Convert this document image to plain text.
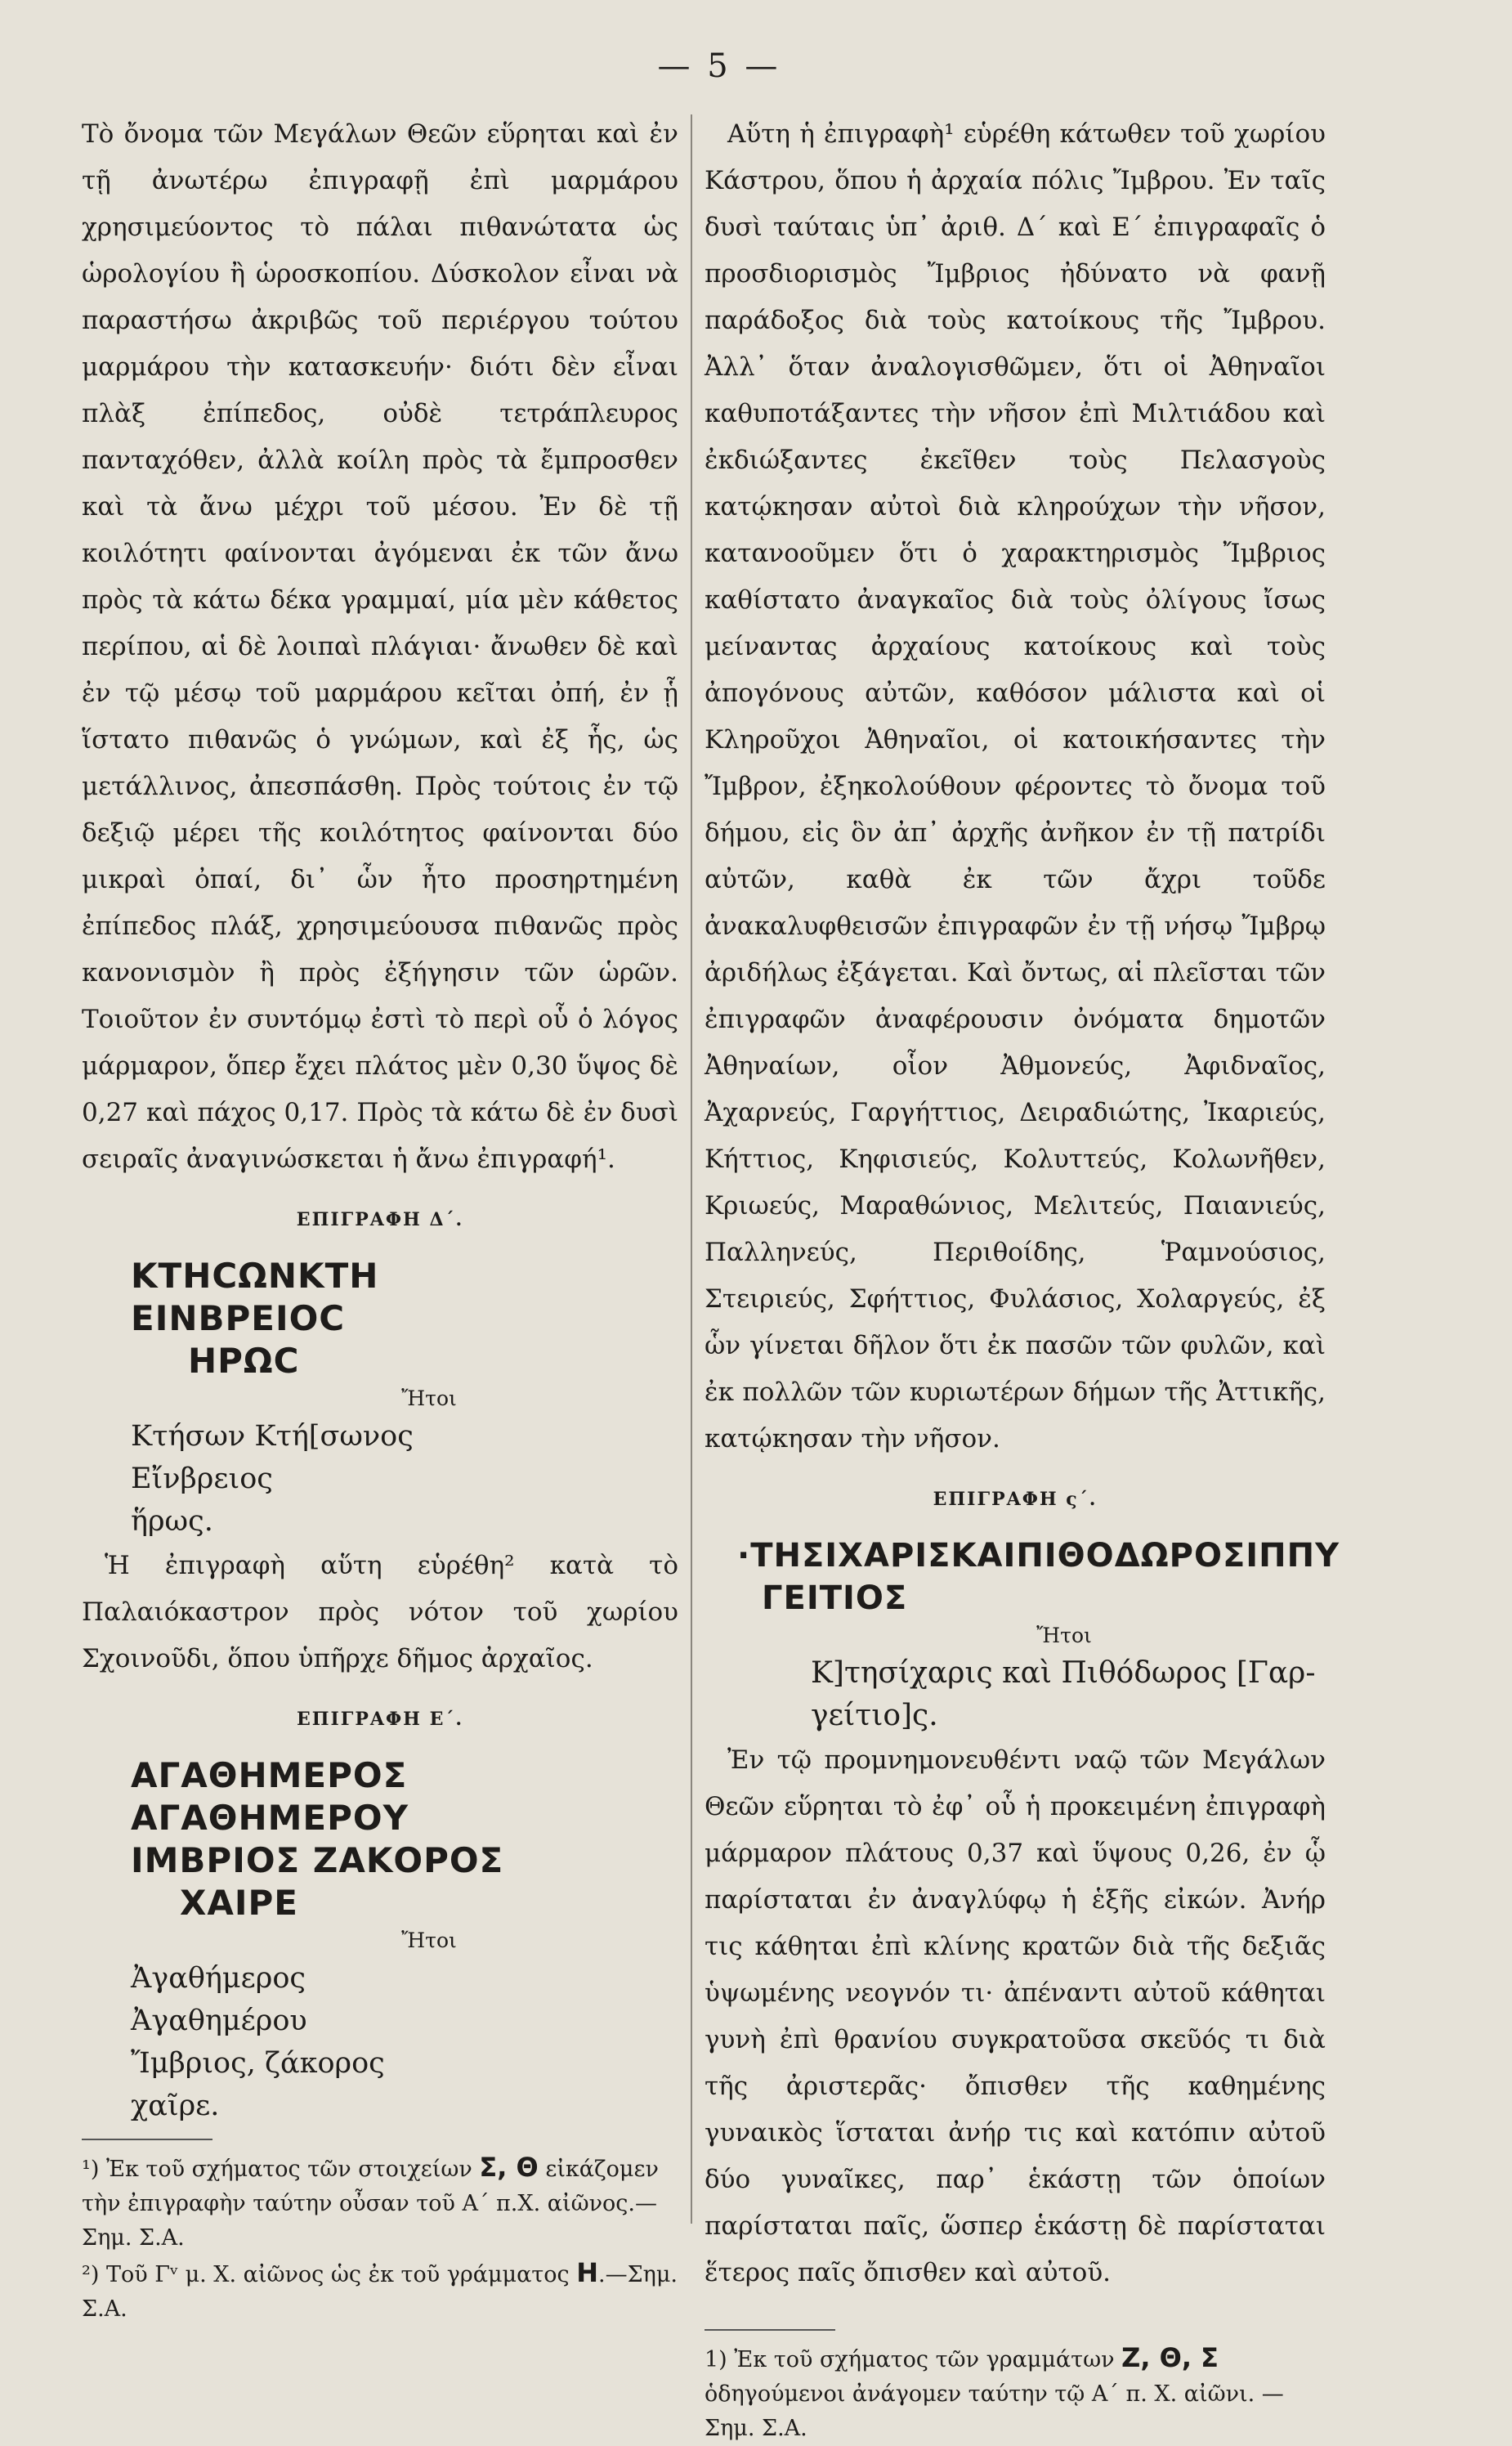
— 5 —

Τὸ ὄνομα τῶν Μεγάλων Θεῶν εὕρηται καὶ ἐν τῇ ἀνωτέρω ἐπιγραφῇ ἐπὶ μαρμάρου χρησιμεύοντος τὸ πάλαι πιθανώτατα ὡς ὡρολογίου ἢ ὡροσκοπίου. Δύσκολον εἶναι νὰ παραστήσω ἀκριβῶς τοῦ περιέργου τούτου μαρμάρου τὴν κατασκευήν· διότι δὲν εἶναι πλὰξ ἐπίπεδος, οὐδὲ τετράπλευρος πανταχόθεν, ἀλλὰ κοίλη πρὸς τὰ ἔμπροσθεν καὶ τὰ ἄνω μέχρι τοῦ μέσου. Ἐν δὲ τῇ κοιλότητι φαίνονται ἀγόμεναι ἐκ τῶν ἄνω πρὸς τὰ κάτω δέκα γραμμαί, μία μὲν κάθετος περίπου, αἱ δὲ λοιπαὶ πλάγιαι· ἄνωθεν δὲ καὶ ἐν τῷ μέσῳ τοῦ μαρμάρου κεῖται ὀπή, ἐν ᾗ ἵστατο πιθανῶς ὁ γνώμων, καὶ ἐξ ἧς, ὡς μετάλλινος, ἀπεσπάσθη. Πρὸς τούτοις ἐν τῷ δεξιῷ μέρει τῆς κοιλότητος φαίνονται δύο μικραὶ ὀπαί, δι᾽ ὧν ἦτο προσηρτημένη ἐπίπεδος πλάξ, χρησιμεύουσα πιθανῶς πρὸς κανονισμὸν ἢ πρὸς ἐξήγησιν τῶν ὡρῶν. Τοιοῦτον ἐν συντόμῳ ἐστὶ τὸ περὶ οὗ ὁ λόγος μάρμαρον, ὅπερ ἔχει πλάτος μὲν 0,30 ὕψος δὲ 0,27 καὶ πάχος 0,17. Πρὸς τὰ κάτω δὲ ἐν δυσὶ σειραῖς ἀναγινώσκεται ἡ ἄνω ἐπιγραφή¹.

ΕΠΙΓΡΑΦΗ Δ΄.
ΚΤΗϹΩΝΚΤΗ
ΕΙΝΒΡΕΙΟϹ
ΗΡΩϹ
Ἤτοι
Κτήσων Κτή[σωνος
Εἴνβρειος
ἥρως.

Ἡ ἐπιγραφὴ αὕτη εὑρέθη² κατὰ τὸ Παλαιόκαστρον πρὸς νότον τοῦ χωρίου Σχοινοῦδι, ὅπου ὑπῆρχε δῆμος ἀρχαῖος.

ΕΠΙΓΡΑΦΗ Ε΄.
ΑΓΑΘΗΜΕΡΟΣ
ΑΓΑΘΗΜΕΡΟΥ
ΙΜΒΡΙΟΣ ΖΑΚΟΡΟΣ
ΧΑΙΡΕ
Ἤτοι
Ἀγαθήμερος
Ἀγαθημέρου
Ἴμβριος, ζάκορος
χαῖρε.

¹) Ἐκ τοῦ σχήματος τῶν στοιχείων Σ, Θ εἰκάζομεν τὴν ἐπιγραφὴν ταύτην οὖσαν τοῦ Α΄ π.Χ. αἰῶνος.—Σημ. Σ.Α.

²) Τοῦ Γᵛ μ. Χ. αἰῶνος ὡς ἐκ τοῦ γράμματος Η.—Σημ. Σ.Α.

Αὕτη ἡ ἐπιγραφὴ¹ εὑρέθη κάτωθεν τοῦ χωρίου Κάστρου, ὅπου ἡ ἀρχαία πόλις Ἴμβρου. Ἐν ταῖς δυσὶ ταύταις ὑπ᾽ ἀριθ. Δ΄ καὶ Ε΄ ἐπιγραφαῖς ὁ προσδιορισμὸς Ἴμβριος ἠδύνατο νὰ φανῇ παράδοξος διὰ τοὺς κατοίκους τῆς Ἴμβρου. Ἀλλ᾽ ὅταν ἀναλογισθῶμεν, ὅτι οἱ Ἀθηναῖοι καθυποτάξαντες τὴν νῆσον ἐπὶ Μιλτιάδου καὶ ἐκδιώξαντες ἐκεῖθεν τοὺς Πελασγοὺς κατῴκησαν αὐτοὶ διὰ κληρούχων τὴν νῆσον, κατανοοῦμεν ὅτι ὁ χαρακτηρισμὸς Ἴμβριος καθίστατο ἀναγκαῖος διὰ τοὺς ὀλίγους ἴσως μείναντας ἀρχαίους κατοίκους καὶ τοὺς ἀπογόνους αὐτῶν, καθόσον μάλιστα καὶ οἱ Κληροῦχοι Ἀθηναῖοι, οἱ κατοικήσαντες τὴν Ἴμβρον, ἐξηκολούθουν φέροντες τὸ ὄνομα τοῦ δήμου, εἰς ὃν ἀπ᾽ ἀρχῆς ἀνῆκον ἐν τῇ πατρίδι αὐτῶν, καθὰ ἐκ τῶν ἄχρι τοῦδε ἀνακαλυφθεισῶν ἐπιγραφῶν ἐν τῇ νήσῳ Ἴμβρῳ ἀριδήλως ἐξάγεται. Καὶ ὄντως, αἱ πλεῖσται τῶν ἐπιγραφῶν ἀναφέρουσιν ὀνόματα δημοτῶν Ἀθηναίων, οἷον Ἀθμονεύς, Ἀφιδναῖος, Ἀχαρνεύς, Γαργήττιος, Δειραδιώτης, Ἰκαριεύς, Κήττιος, Κηφισιεύς, Κολυττεύς, Κολωνῆθεν, Κριωεύς, Μαραθώνιος, Μελιτεύς, Παιανιεύς, Παλληνεύς, Περιθοίδης, Ῥαμνούσιος, Στειριεύς, Σφήττιος, Φυλάσιος, Χολαργεύς, ἐξ ὧν γίνεται δῆλον ὅτι ἐκ πασῶν τῶν φυλῶν, καὶ ἐκ πολλῶν τῶν κυριωτέρων δήμων τῆς Ἀττικῆς, κατῴκησαν τὴν νῆσον.

ΕΠΙΓΡΑΦΗ ς΄.
·ΤΗΣΙΧΑΡΙΣΚΑΙΠΙΘΟΔΩΡΟΣΙΠΠΥ
ΓΕΙΤΙΟΣ
Ἤτοι
Κ]τησίχαρις καὶ Πιθόδωρος [Γαρ-
γείτιο]ς.

Ἐν τῷ προμνημονευθέντι ναῷ τῶν Μεγάλων Θεῶν εὕρηται τὸ ἐφ᾽ οὗ ἡ προκειμένη ἐπιγραφὴ μάρμαρον πλάτους 0,37 καὶ ὕψους 0,26, ἐν ᾧ παρίσταται ἐν ἀναγλύφῳ ἡ ἑξῆς εἰκών. Ἀνήρ τις κάθηται ἐπὶ κλίνης κρατῶν διὰ τῆς δεξιᾶς ὑψωμένης νεογνόν τι· ἀπέναντι αὐτοῦ κάθηται γυνὴ ἐπὶ θρανίου συγκρατοῦσα σκεῦός τι διὰ τῆς ἀριστερᾶς· ὄπισθεν τῆς καθημένης γυναικὸς ἵσταται ἀνήρ τις καὶ κατόπιν αὐτοῦ δύο γυναῖκες, παρ᾽ ἑκάστῃ τῶν ὁποίων παρίσταται παῖς, ὥσπερ ἑκάστῃ δὲ παρίσταται ἕτερος παῖς ὄπισθεν καὶ αὐτοῦ.

1) Ἐκ τοῦ σχήματος τῶν γραμμάτων Ζ, Θ, Σ ὁδηγούμενοι ἀνάγομεν ταύτην τῷ Α΄ π. Χ. αἰῶνι. —Σημ. Σ.Α.
